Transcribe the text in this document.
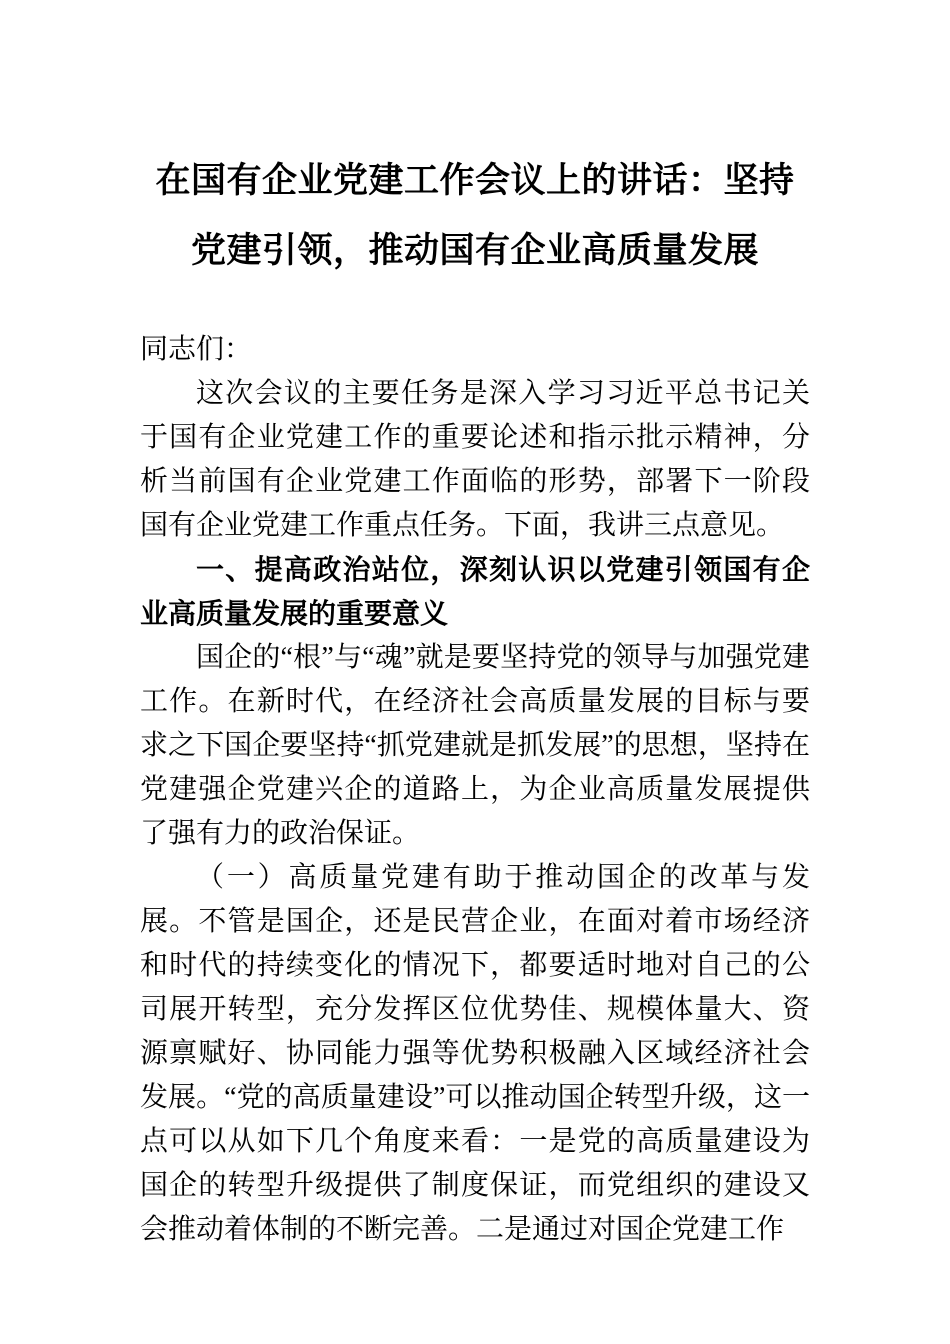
在国有企业党建工作会议上的讲话：坚持党建引领，推动国有企业高质量发展

同志们：

这次会议的主要任务是深入学习习近平总书记关于国有企业党建工作的重要论述和指示批示精神，分析当前国有企业党建工作面临的形势，部署下一阶段国有企业党建工作重点任务。下面，我讲三点意见。

一、提高政治站位，深刻认识以党建引领国有企业高质量发展的重要意义

国企的“根”与“魂”就是要坚持党的领导与加强党建工作。在新时代，在经济社会高质量发展的目标与要求之下国企要坚持“抓党建就是抓发展”的思想，坚持在党建强企党建兴企的道路上，为企业高质量发展提供了强有力的政治保证。

（一）高质量党建有助于推动国企的改革与发展。不管是国企，还是民营企业，在面对着市场经济和时代的持续变化的情况下，都要适时地对自己的公司展开转型，充分发挥区位优势佳、规模体量大、资源禀赋好、协同能力强等优势积极融入区域经济社会发展。“党的高质量建设”可以推动国企转型升级，这一点可以从如下几个角度来看：一是党的高质量建设为国企的转型升级提供了制度保证，而党组织的建设又会推动着体制的不断完善。二是通过对国企党建工作
